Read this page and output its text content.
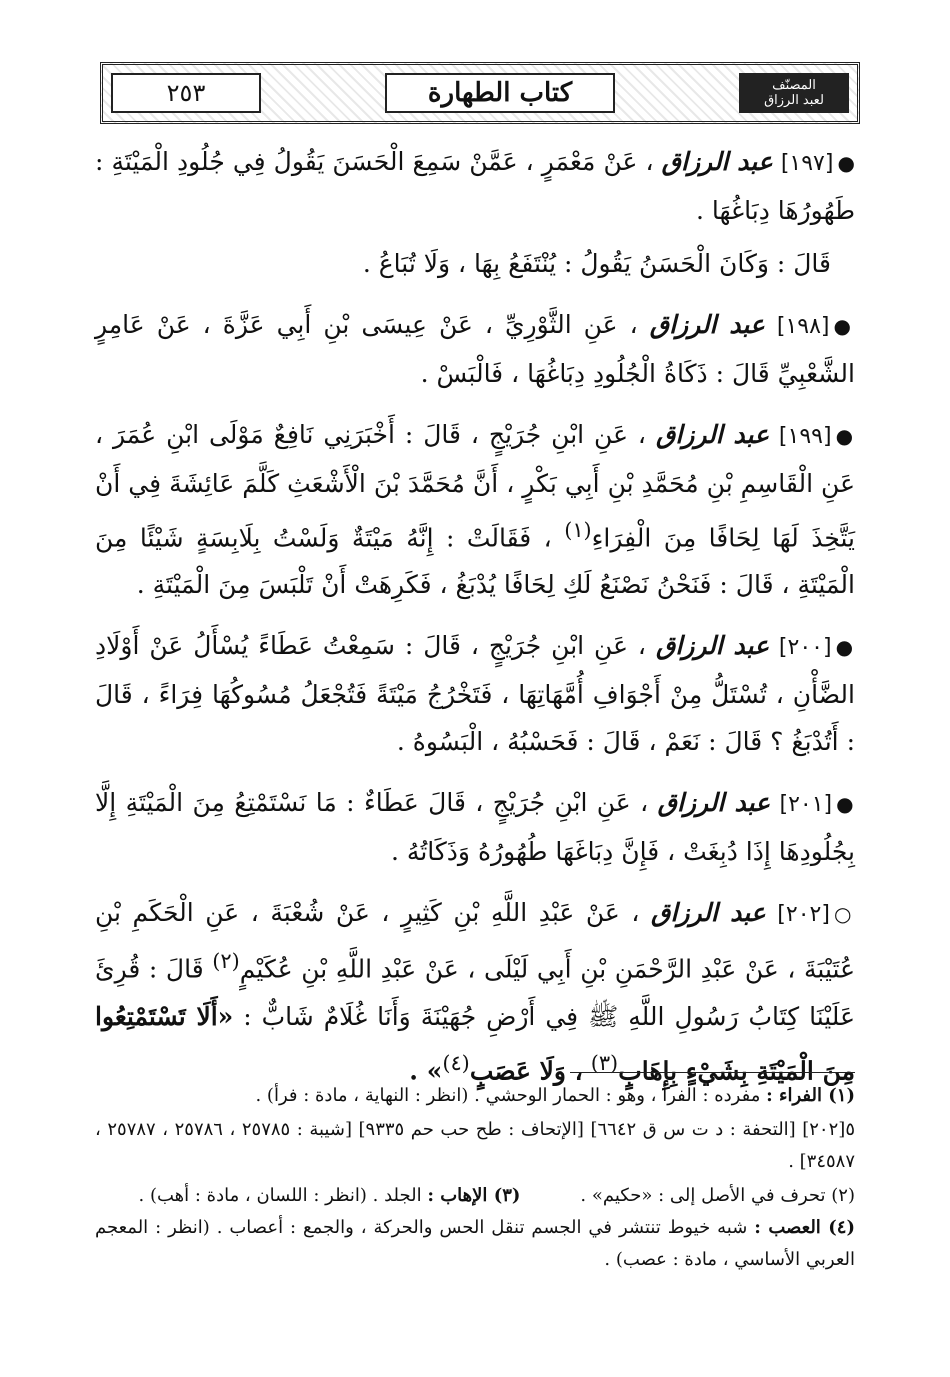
٢٥٣	كتاب الطهارة	المصنّف
لعبد الرزاق

●[١٩٧] عبد الرزاق ، عَنْ مَعْمَرٍ ، عَمَّنْ سَمِعَ الْحَسَنَ يَقُولُ فِي جُلُودِ الْمَيْتَةِ : طَهُورُهَا دِبَاغُهَا .

قَالَ : وَكَانَ الْحَسَنُ يَقُولُ : يُنْتَفَعُ بِهَا ، وَلَا تُبَاعُ .

●[١٩٨] عبد الرزاق ، عَنِ الثَّوْرِيِّ ، عَنْ عِيسَى بْنِ أَبِي عَزَّةَ ، عَنْ عَامِرٍ الشَّعْبِيِّ قَالَ : ذَكَاةُ الْجُلُودِ دِبَاغُهَا ، فَالْبَسْ .

●[١٩٩] عبد الرزاق ، عَنِ ابْنِ جُرَيْجٍ ، قَالَ : أَخْبَرَنِي نَافِعٌ مَوْلَى ابْنِ عُمَرَ ، عَنِ الْقَاسِمِ بْنِ مُحَمَّدِ بْنِ أَبِي بَكْرٍ ، أَنَّ مُحَمَّدَ بْنَ الْأَشْعَثِ كَلَّمَ عَائِشَةَ فِي أَنْ يَتَّخِذَ لَهَا لِحَافًا مِنَ الْفِرَاءِ$^{(١)}$ ، فَقَالَتْ : إِنَّهُ مَيْتَةٌ وَلَسْتُ بِلَابِسَةٍ شَيْئًا مِنَ الْمَيْتَةِ ، قَالَ : فَنَحْنُ نَصْنَعُ لَكِ لِحَافًا يُدْبَغُ ، فَكَرِهَتْ أَنْ تَلْبَسَ مِنَ الْمَيْتَةِ .

●[٢٠٠] عبد الرزاق ، عَنِ ابْنِ جُرَيْجٍ ، قَالَ : سَمِعْتُ عَطَاءً يُسْأَلُ عَنْ أَوْلَادِ الضَّأْنِ ، تُسْتَلُّ مِنْ أَجْوَافِ أُمَّهَاتِهَا ، فَتَخْرُجُ مَيْتَةً فَتُجْعَلُ مُسُوكُهَا فِرَاءً ، قَالَ : أَتُدْبَغُ ؟ قَالَ : نَعَمْ ، قَالَ : فَحَسْبُهُ ، الْبَسُوهُ .

●[٢٠١] عبد الرزاق ، عَنِ ابْنِ جُرَيْجٍ ، قَالَ عَطَاءٌ : مَا نَسْتَمْتِعُ مِنَ الْمَيْتَةِ إِلَّا بِجُلُودِهَا إِذَا دُبِغَتْ ، فَإِنَّ دِبَاغَهَا طُهُورُهُ وَذَكَاتُهُ .

○[٢٠٢] عبد الرزاق ، عَنْ عَبْدِ اللَّهِ بْنِ كَثِيرٍ ، عَنْ شُعْبَةَ ، عَنِ الْحَكَمِ بْنِ عُتَيْبَةَ ، عَنْ عَبْدِ الرَّحْمَنِ بْنِ أَبِي لَيْلَى ، عَنْ عَبْدِ اللَّهِ بْنِ عُكَيْمٍ$^{(٢)}$ قَالَ : قُرِئَ عَلَيْنَا كِتَابُ رَسُولِ اللَّهِ ﷺ فِي أَرْضِ جُهَيْنَةَ وَأَنَا غُلَامٌ شَابٌّ : «أَلَا تَسْتَمْتِعُوا مِنَ الْمَيْتَةِ بِشَيْءٍ بِإِهَابٍ$^{(٣)}$ ، وَلَا عَصَبٍ$^{(٤)}$» .

(١) الفراء : مفرده : الفرأ ، وهو : الحمار الوحشي . (انظر : النهاية ، مادة : فرأ) .

٥[٢٠٢] [التحفة : د ت س ق ٦٦٤٢] [الإتحاف : طح حب حم ٩٣٣٥] [شيبة : ٢٥٧٨٥ ، ٢٥٧٨٦ ، ٢٥٧٨٧ ، ٣٤٥٨٧] .

(٢) تحرف في الأصل إلى : «حكيم» .
(٣) الإهاب : الجلد . (انظر : اللسان ، مادة : أهب) .

(٤) العصب : شبه خيوط تنتشر في الجسم تنقل الحس والحركة ، والجمع : أعصاب . (انظر : المعجم العربي الأساسي ، مادة : عصب) .
